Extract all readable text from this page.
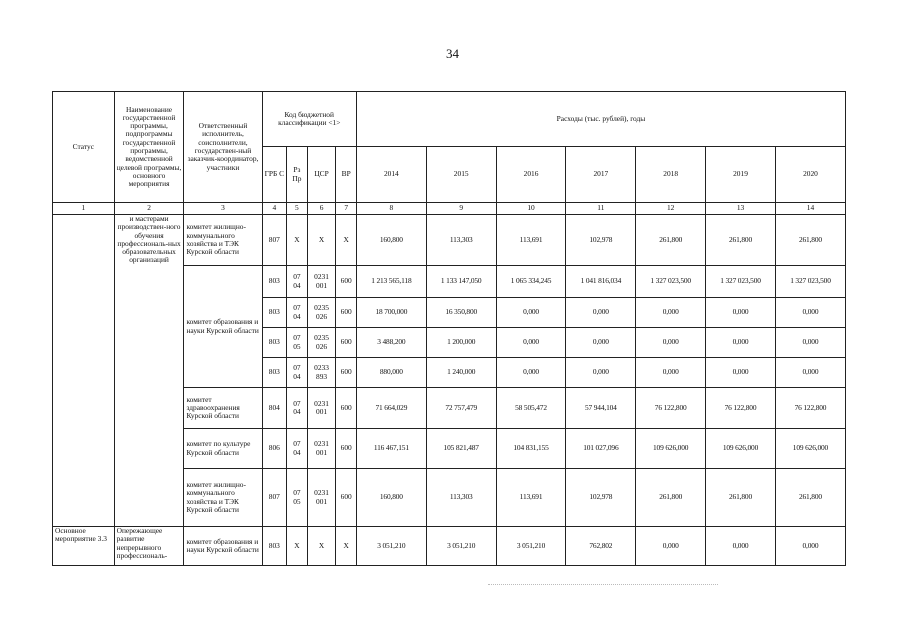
34
Статус	Наименование государственной программы, подпрограммы государственной программы, ведомственной целевой программы, основного мероприятия	Ответственный исполнитель, соисполнители, государствен-ный заказчик-координатор, участники	Код бюджетной классификации <1>				Расходы (тыс. рублей), годы						
			ГРБ С	Рз Пр	ЦСР	ВР	2014	2015	2016	2017	2018	2019	2020
1	2	3	4	5	6	7	8	9	10	11	12	13	14
	и мастерами производствен-ного обучения профессиональ-ных образовательных организаций	комитет жилищно-коммунального хозяйства и ТЭК Курской области	807	Х	Х	Х	160,800	113,303	113,691	102,978	261,800	261,800	261,800
		комитет образования и науки Курской области	803	07 04	0231 001	600	1 213 565,118	1 133 147,050	1 065 334,245	1 041 816,034	1 327 023,500	1 327 023,500	1 327 023,500
			803	07 04	0235 026	600	18 700,000	16 350,800	0,000	0,000	0,000	0,000	0,000
			803	07 05	0235 026	600	3 488,200	1 200,000	0,000	0,000	0,000	0,000	0,000
			803	07 04	0233 893	600	880,000	1 240,000	0,000	0,000	0,000	0,000	0,000
		комитет здравоохранения Курской области	804	07 04	0231 001	600	71 664,029	72 757,479	58 505,472	57 944,104	76 122,800	76 122,800	76 122,800
		комитет по культуре Курской области	806	07 04	0231 001	600	116 467,151	105 821,487	104 831,155	101 027,096	109 626,000	109 626,000	109 626,000
		комитет жилищно-коммунального хозяйства и ТЭК Курской области	807	07 05	0231 001	600	160,800	113,303	113,691	102,978	261,800	261,800	261,800
Основное мероприятие 3.3	Опережающее развитие непрерывного профессиональ-	комитет образования и науки Курской области	803	Х	Х	Х	3 051,210	3 051,210	3 051,210	762,802	0,000	0,000	0,000
